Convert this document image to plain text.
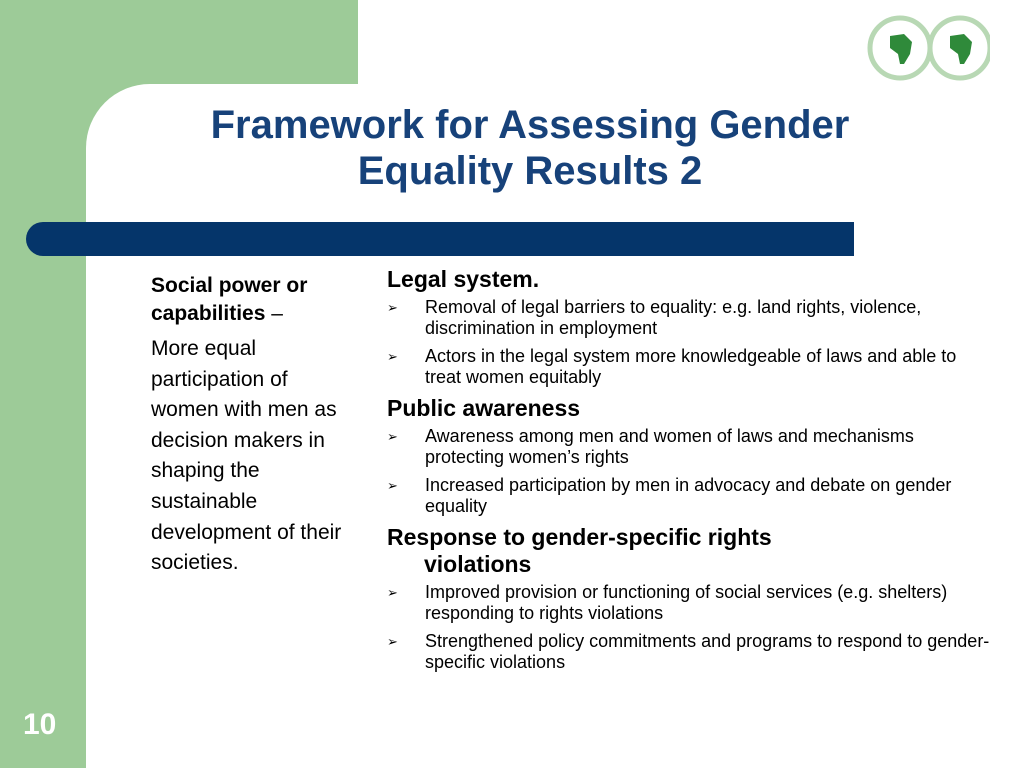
Framework for Assessing Gender
Equality Results 2

Social power or capabilities –

More equal participation of women with men as decision makers in shaping the sustainable development of their societies.

Legal system.

➢ Removal of legal barriers to equality: e.g. land rights, violence, discrimination in employment
➢ Actors in the legal system more knowledgeable of laws and able to treat women equitably

Public awareness

➢ Awareness among men and women of laws and mechanisms protecting women’s rights
➢ Increased participation by men in advocacy and debate on gender equality

Response to gender-specific rights
violations

➢ Improved provision or functioning of social services (e.g. shelters) responding to rights violations
➢ Strengthened policy commitments and programs to respond to gender-specific violations
10
